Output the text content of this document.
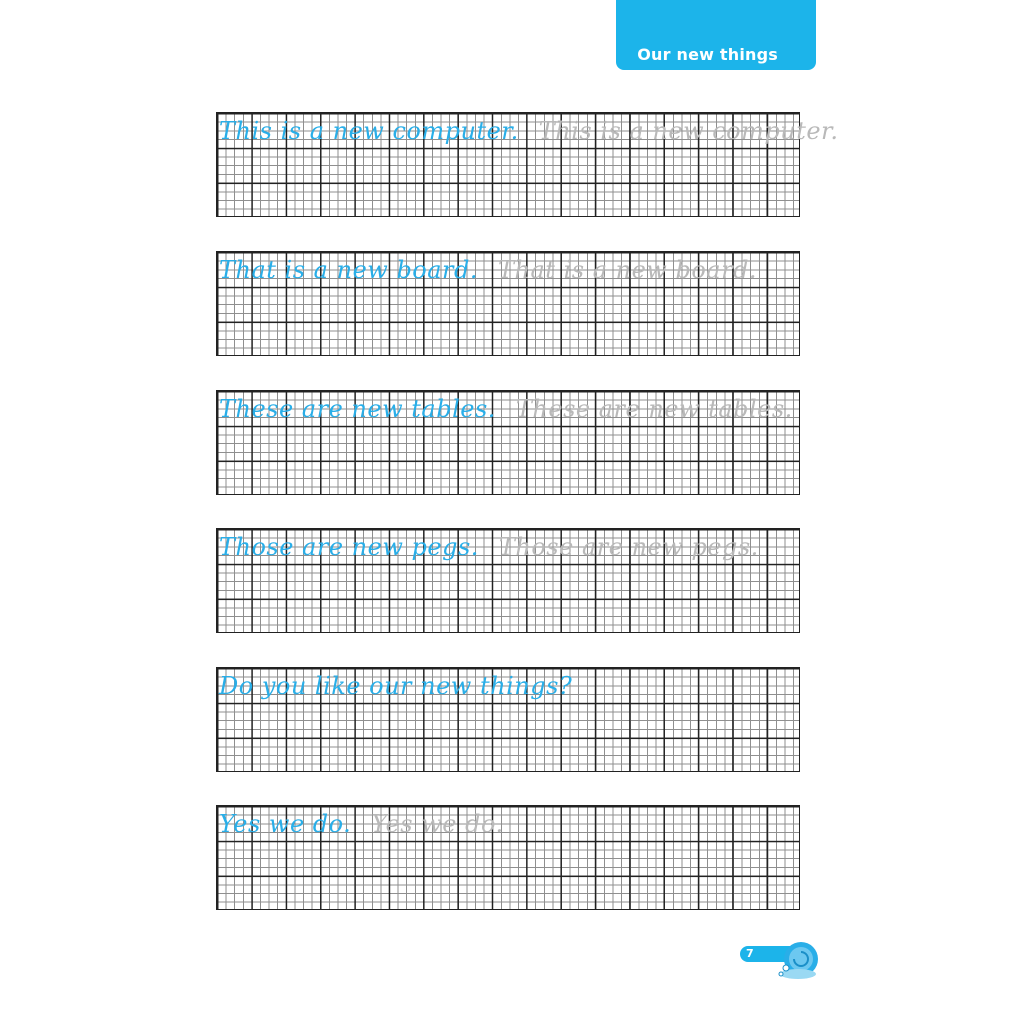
Our new things
This is a new computer. This is a new computer.
That is a new board. That is a new board.
These are new tables. These are new tables.
Those are new pegs. Those are new pegs.
Do you like our new things?
Yes we do. Yes we do.
7
